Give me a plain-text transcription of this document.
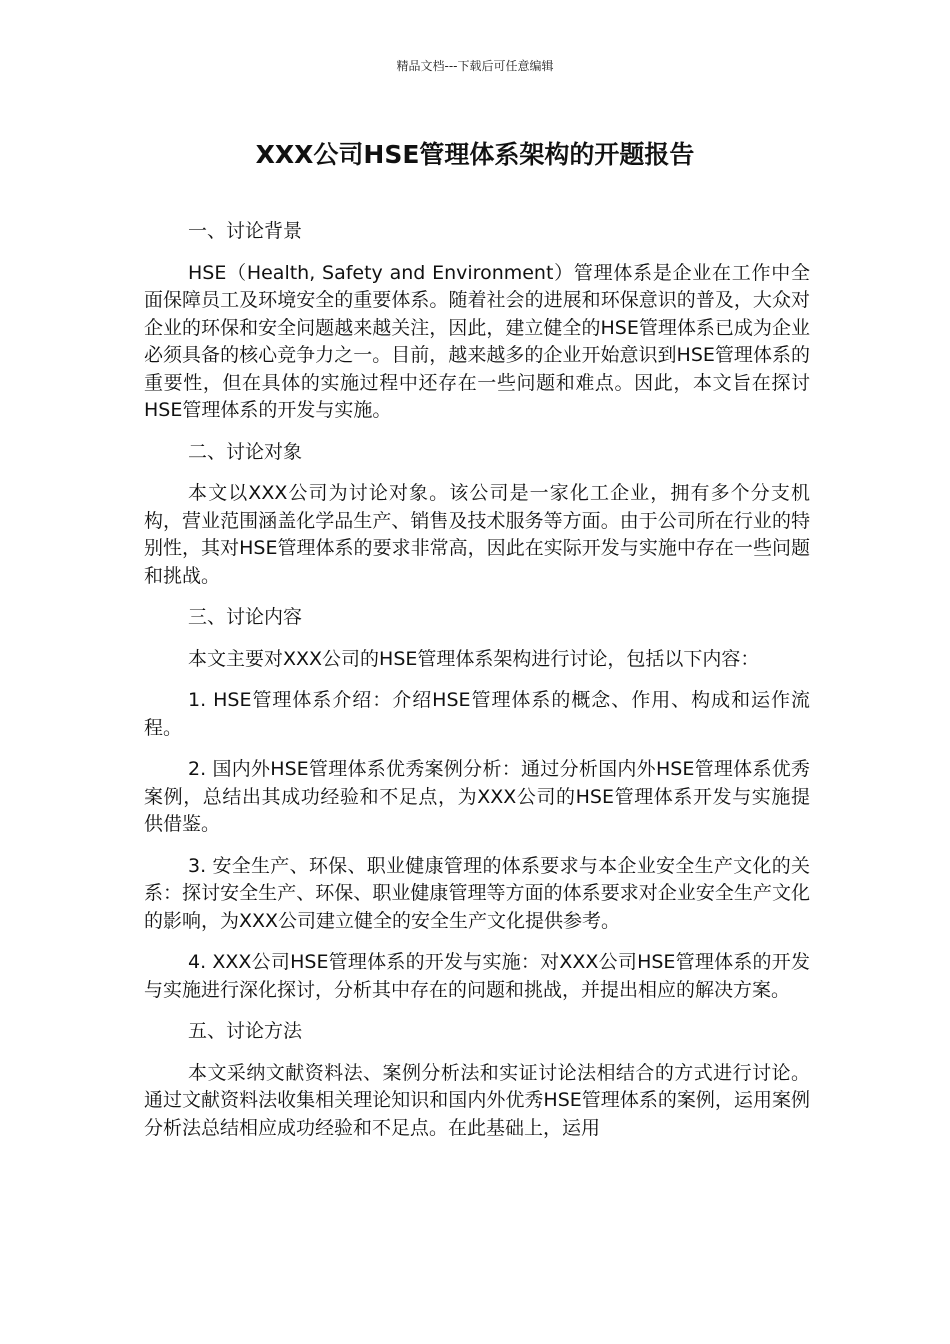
精品文档---下载后可任意编辑
XXX公司HSE管理体系架构的开题报告

一、讨论背景

HSE（Health, Safety and Environment）管理体系是企业在工作中全面保障员工及环境安全的重要体系。随着社会的进展和环保意识的普及，大众对企业的环保和安全问题越来越关注，因此，建立健全的HSE管理体系已成为企业必须具备的核心竞争力之一。目前，越来越多的企业开始意识到HSE管理体系的重要性，但在具体的实施过程中还存在一些问题和难点。因此，本文旨在探讨HSE管理体系的开发与实施。

二、讨论对象

本文以XXX公司为讨论对象。该公司是一家化工企业，拥有多个分支机构，营业范围涵盖化学品生产、销售及技术服务等方面。由于公司所在行业的特别性，其对HSE管理体系的要求非常高，因此在实际开发与实施中存在一些问题和挑战。

三、讨论内容

本文主要对XXX公司的HSE管理体系架构进行讨论，包括以下内容：

1. HSE管理体系介绍：介绍HSE管理体系的概念、作用、构成和运作流程。

2. 国内外HSE管理体系优秀案例分析：通过分析国内外HSE管理体系优秀案例，总结出其成功经验和不足点，为XXX公司的HSE管理体系开发与实施提供借鉴。

3. 安全生产、环保、职业健康管理的体系要求与本企业安全生产文化的关系：探讨安全生产、环保、职业健康管理等方面的体系要求对企业安全生产文化的影响，为XXX公司建立健全的安全生产文化提供参考。

4. XXX公司HSE管理体系的开发与实施：对XXX公司HSE管理体系的开发与实施进行深化探讨，分析其中存在的问题和挑战，并提出相应的解决方案。

五、讨论方法

本文采纳文献资料法、案例分析法和实证讨论法相结合的方式进行讨论。通过文献资料法收集相关理论知识和国内外优秀HSE管理体系的案例，运用案例分析法总结相应成功经验和不足点。在此基础上，运用
